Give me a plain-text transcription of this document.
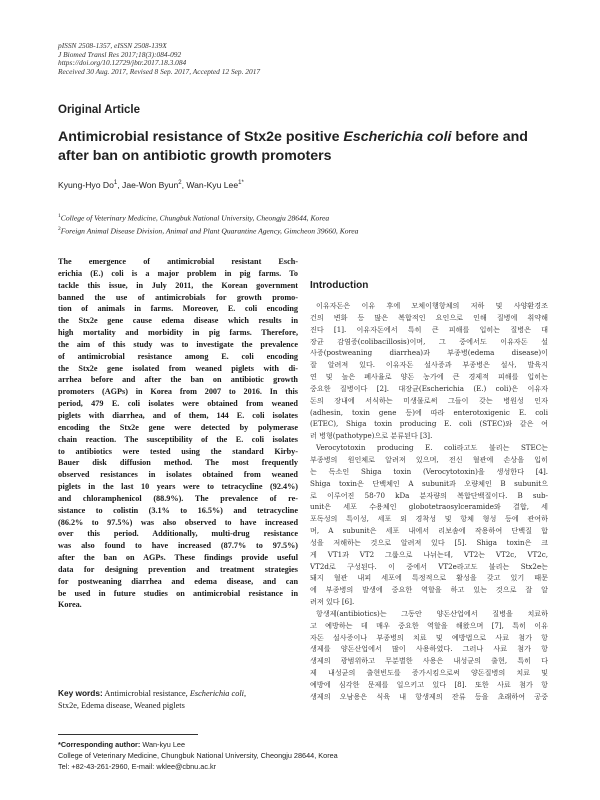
pISSN 2508-1357, eISSN 2508-139X
J Biomed Transl Res 2017;18(3):084-092
https://doi.org/10.12729/jbtr.2017.18.3.084
Received 30 Aug. 2017, Revised 8 Sep. 2017, Accepted 12 Sep. 2017
Original Article
Antimicrobial resistance of Stx2e positive Escherichia coli before and
after ban on antibiotic growth promoters
Kyung-Hyo Do$^1$, Jae-Won Byun$^2$, Wan-Kyu Lee$^{1*}$
$^1$College of Veterinary Medicine, Chungbuk National University, Cheongju 28644, Korea
$^2$Foreign Animal Disease Division, Animal and Plant Quarantine Agency, Gimcheon 39660, Korea
The emergence of antimicrobial resistant Esch-
erichia (E.) coli is a major problem in pig farms. To
tackle this issue, in July 2011, the Korean government
banned the use of antimicrobials for growth promo-
tion of animals in farms. Moreover, E. coli encoding
the Stx2e gene cause edema disease which results in
high mortality and morbidity in pig farms. Therefore,
the aim of this study was to investigate the prevalence
of antimicrobial resistance among E. coli encoding
the Stx2e gene isolated from weaned piglets with di-
arrhea before and after the ban on antibiotic growth
promoters (AGPs) in Korea from 2007 to 2016. In this
period, 479 E. coli isolates were obtained from weaned
piglets with diarrhea, and of them, 144 E. coli isolates
encoding the Stx2e gene were detected by polymerase
chain reaction. The susceptibility of the E. coli isolates
to antibiotics were tested using the standard Kirby-
Bauer disk diffusion method. The most frequently
observed resistances in isolates obtained from weaned
piglets in the last 10 years were to tetracycline (92.4%)
and chloramphenicol (88.9%). The prevalence of re-
sistance to colistin (3.1% to 16.5%) and tetracycline
(86.2% to 97.5%) was also observed to have increased
over this period. Additionally, multi-drug resistance
was also found to have increased (87.7% to 97.5%)
after the ban on AGPs. These findings provide useful
data for designing prevention and treatment strategies
for postweaning diarrhea and edema disease, and can
be used in future studies on antimicrobial resistance in
Korea.
Key words: Antimicrobial resistance, Escherichia coli,
Stx2e, Edema disease, Weaned piglets
*Corresponding author: Wan-kyu Lee
College of Veterinary Medicine, Chungbuk National University, Cheongju 28644, Korea
Tel: +82-43-261-2960, E-mail: wklee@cbnu.ac.kr
Introduction
이유자돈은 이유 후에 모체이행항체의 저하 및 사양환경조
건의 변화 등 많은 복합적인 요인으로 인해 질병에 취약해
진다 [1]. 이유자돈에서 특히 큰 피해를 입히는 질병은 대
장균 감염증(colibacillosis)이며, 그 중에서도 이유자돈 설
사증(postweaning diarrhea)과 부종병(edema disease)이
잘 알려져 있다. 이유자돈 설사증과 부종병은 설사, 발육지
연 및 높은 폐사율로 양돈 농가에 큰 경제적 피해를 입히는
중요한 질병이다 [2]. 대장균(Escherichia (E.) coli)은 이유자
돈의 장내에 서식하는 미생물로써 그들이 갖는 병원성 인자
(adhesin, toxin gene 등)에 따라 enterotoxigenic E. coli
(ETEC), Shiga toxin producing E. coli (STEC)와 같은 여
러 병형(pathotype)으로 분류된다 [3].
Verocytotoxin producing E. coli라고도 불리는 STEC는
부종병의 원인체로 알려져 있으며, 전신 혈관에 손상을 입히
는 독소인 Shiga toxin (Verocytotoxin)을 생성한다 [4].
Shiga toxin은 단백체인 A subunit과 오량체인 B subunit으
로 이루어진 58-70 kDa 분자량의 복합단백질이다. B sub-
unit은 세포 수용체인 globotetraosylceramide와 결합, 세
포독성의 특이성, 세포 외 경착성 및 항체 형성 등에 관여하
며, A subunit은 세포 내에서 리보솜에 작용하여 단백질 합
성을 저해하는 것으로 알려져 있다 [5]. Shiga toxin은 크
게 VT1과 VT2 그룹으로 나뉘는데, VT2는 VT2c, VT2c,
VT2d로 구성된다. 이 중에서 VT2e라고도 불리는 Stx2e는
돼지 혈관 내피 세포에 특정적으로 활성을 갖고 있기 때문
에 부종병의 발생에 중요한 역할을 하고 있는 것으로 잘 알
려져 있다 [6].
항생제(antibiotics)는 그동안 양돈산업에서 질병을 치료하
고 예방하는 데 매우 중요한 역할을 해왔으며 [7], 특히 이유
자돈 설사증이나 부종병의 치료 및 예방법으로 사료 첨가 항
생제를 양돈산업에서 많이 사용하였다. 그러나 사료 첨가 항
생제의 광범위하고 무분별한 사용은 내성균의 출현, 특히 다
제 내성균의 출현빈도를 증가시킴으로써 양돈질병의 치료 및
예방에 심각한 문제를 일으키고 있다 [8]. 또한 사료 첨가 항
생제의 오남용은 식육 내 항생제의 잔류 등을 초래하여 공중
